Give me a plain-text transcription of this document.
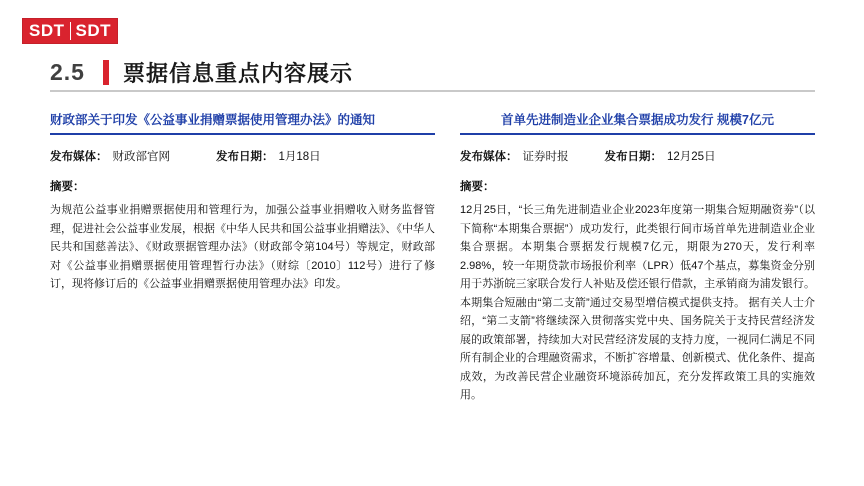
SDT SDT
2.5 票据信息重点内容展示
财政部关于印发《公益事业捐赠票据使用管理办法》的通知
发布媒体： 财政部官网	发布日期： 1月18日
摘要：
为规范公益事业捐赠票据使用和管理行为，加强公益事业捐赠收入财务监督管理，促进社会公益事业发展，根据《中华人民共和国公益事业捐赠法》、《中华人民共和国慈善法》、《财政票据管理办法》（财政部令第104号）等规定，财政部对《公益事业捐赠票据使用管理暂行办法》（财综〔2010〕112号）进行了修订，现将修订后的《公益事业捐赠票据使用管理办法》印发。
首单先进制造业企业集合票据成功发行 规模7亿元
发布媒体： 证券时报	发布日期： 12月25日
摘要：
12月25日，“长三角先进制造业企业2023年度第一期集合短期融资劵”（以下简称“本期集合票据”）成功发行，此类银行间市场首单先进制造业企业集合票据。本期集合票据发行规模7亿元，期限为270天，发行利率2.98%，较一年期贷款市场报价利率（LPR）低47个基点，募集资金分别用于苏浙皖三家联合发行人补贴及偿还银行借款，主承销商为浦发银行。本期集合短融由“第二支箭”通过交易型增信模式提供支持。 据有关人士介绍，“第二支箭”将继续深入贯彻落实党中央、国务院关于支持民营经济发展的政策部署，持续加大对民营经济发展的支持力度，一视同仁满足不同所有制企业的合理融资需求，不断扩容增量、创新模式、优化条件、提高成效，为改善民营企业融资环境添砖加瓦，充分发挥政策工具的实施效用。
